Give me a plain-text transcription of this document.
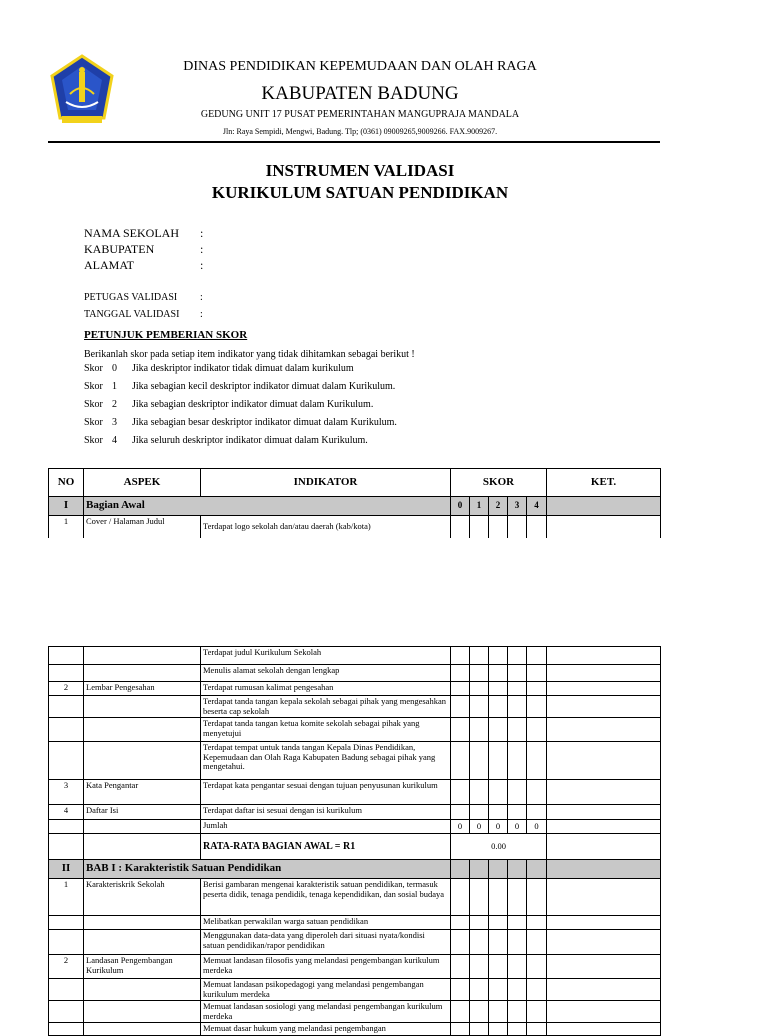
DINAS PENDIDIKAN KEPEMUDAAN DAN OLAH RAGA
KABUPATEN BADUNG
GEDUNG UNIT 17 PUSAT PEMERINTAHAN MANGUPRAJA MANDALA
Jln: Raya Sempidi, Mengwi, Badung. Tlp; (0361) 09009265,9009266. FAX.9009267.
INSTRUMEN VALIDASI
KURIKULUM SATUAN PENDIDIKAN
NAMA SEKOLAH :
KABUPATEN	:
ALAMAT	:
PETUGAS VALIDASI :
TANGGAL VALIDASI :
PETUNJUK PEMBERIAN SKOR
Berikanlah skor pada setiap item indikator yang tidak dihitamkan sebagai berikut !
Skor 0 Jika deskriptor indikator tidak dimuat dalam kurikulum
Skor 1 Jika sebagian kecil deskriptor indikator dimuat dalam Kurikulum.
Skor 2 Jika sebagian deskriptor indikator dimuat dalam Kurikulum.
Skor 3 Jika sebagian besar deskriptor indikator dimuat dalam Kurikulum.
Skor 4 Jika seluruh deskriptor indikator dimuat dalam Kurikulum.
NO	ASPEK	INDIKATOR	SKOR					KET.
I	Bagian Awal		0	1	2	3	4	
1	Cover / Halaman Judul	Terdapat logo sekolah dan/atau daerah (kab/kota)						
		Terdapat judul Kurikulum Sekolah						
		Menulis alamat sekolah dengan lengkap						
2	Lembar Pengesahan	Terdapat rumusan kalimat pengesahan						
		Terdapat tanda tangan kepala sekolah sebagai pihak yang mengesahkan beserta cap sekolah						
		Terdapat tanda tangan ketua komite sekolah sebagai pihak yang menyetujui						
		Terdapat tempat untuk tanda tangan Kepala Dinas Pendidikan, Kepemudaan dan Olah Raga Kabupaten Badung sebagai pihak yang mengetahui.						
3	Kata Pengantar	Terdapat kata pengantar sesuai dengan tujuan penyusunan kurikulum						
4	Daftar Isi	Terdapat daftar isi sesuai dengan isi kurikulum						
		Jumlah	0	0	0	0	0	
		RATA-RATA BAGIAN AWAL = R1	0.00					
II	BAB I : Karakteristik Satuan Pendidikan							
1	Karakteriskrik Sekolah	Berisi gambaran mengenai karakteristik satuan pendidikan, termasuk peserta didik, tenaga pendidik, tenaga kependidikan, dan sosial budaya						
		Melibatkan perwakilan warga satuan pendidikan						
		Menggunakan data-data yang diperoleh dari situasi nyata/kondisi satuan pendidikan/rapor pendidikan						
2	Landasan Pengembangan Kurikulum	Memuat landasan filosofis yang melandasi pengembangan kurikulum merdeka						
		Memuat landasan psikopedagogi yang melandasi pengembangan kurikulum merdeka						
		Memuat landasan sosiologi yang melandasi pengembangan kurikulum merdeka						
		Memuat dasar hukum yang melandasi pengembangan						
